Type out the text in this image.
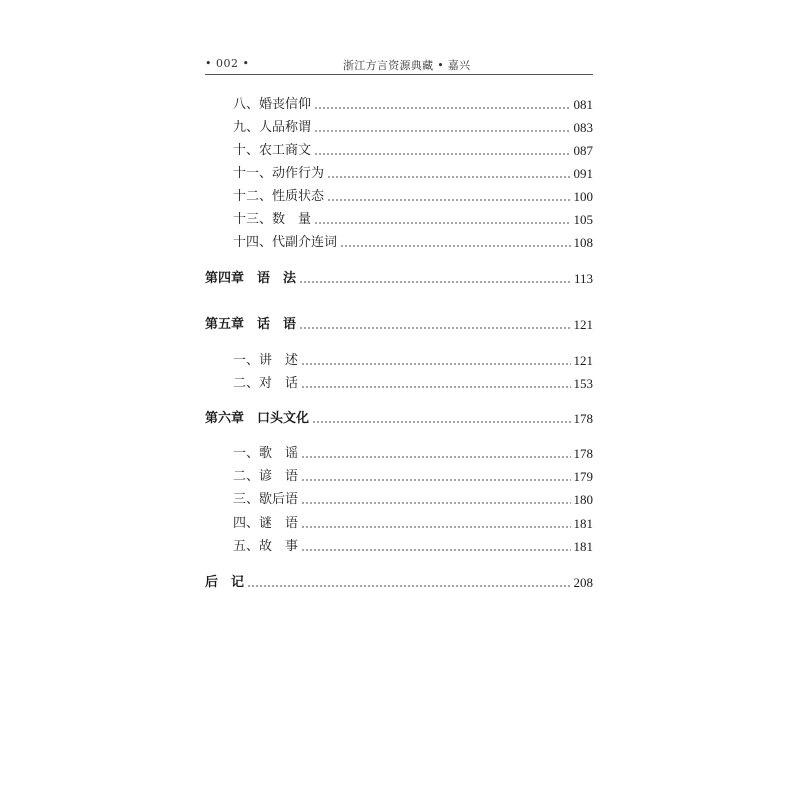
• 002 •	浙江方言资源典藏 • 嘉兴
八、婚丧信仰	081
九、人品称谓	083
十、农工商文	087
十一、动作行为	091
十二、性质状态	100
十三、数　量	105
十四、代副介连词	108
第四章　语　法	113
第五章　话　语	121
一、讲　述	121
二、对　话	153
第六章　口头文化	178
一、歌　谣	178
二、谚　语	179
三、歇后语	180
四、谜　语	181
五、故　事	181
后　记	208
